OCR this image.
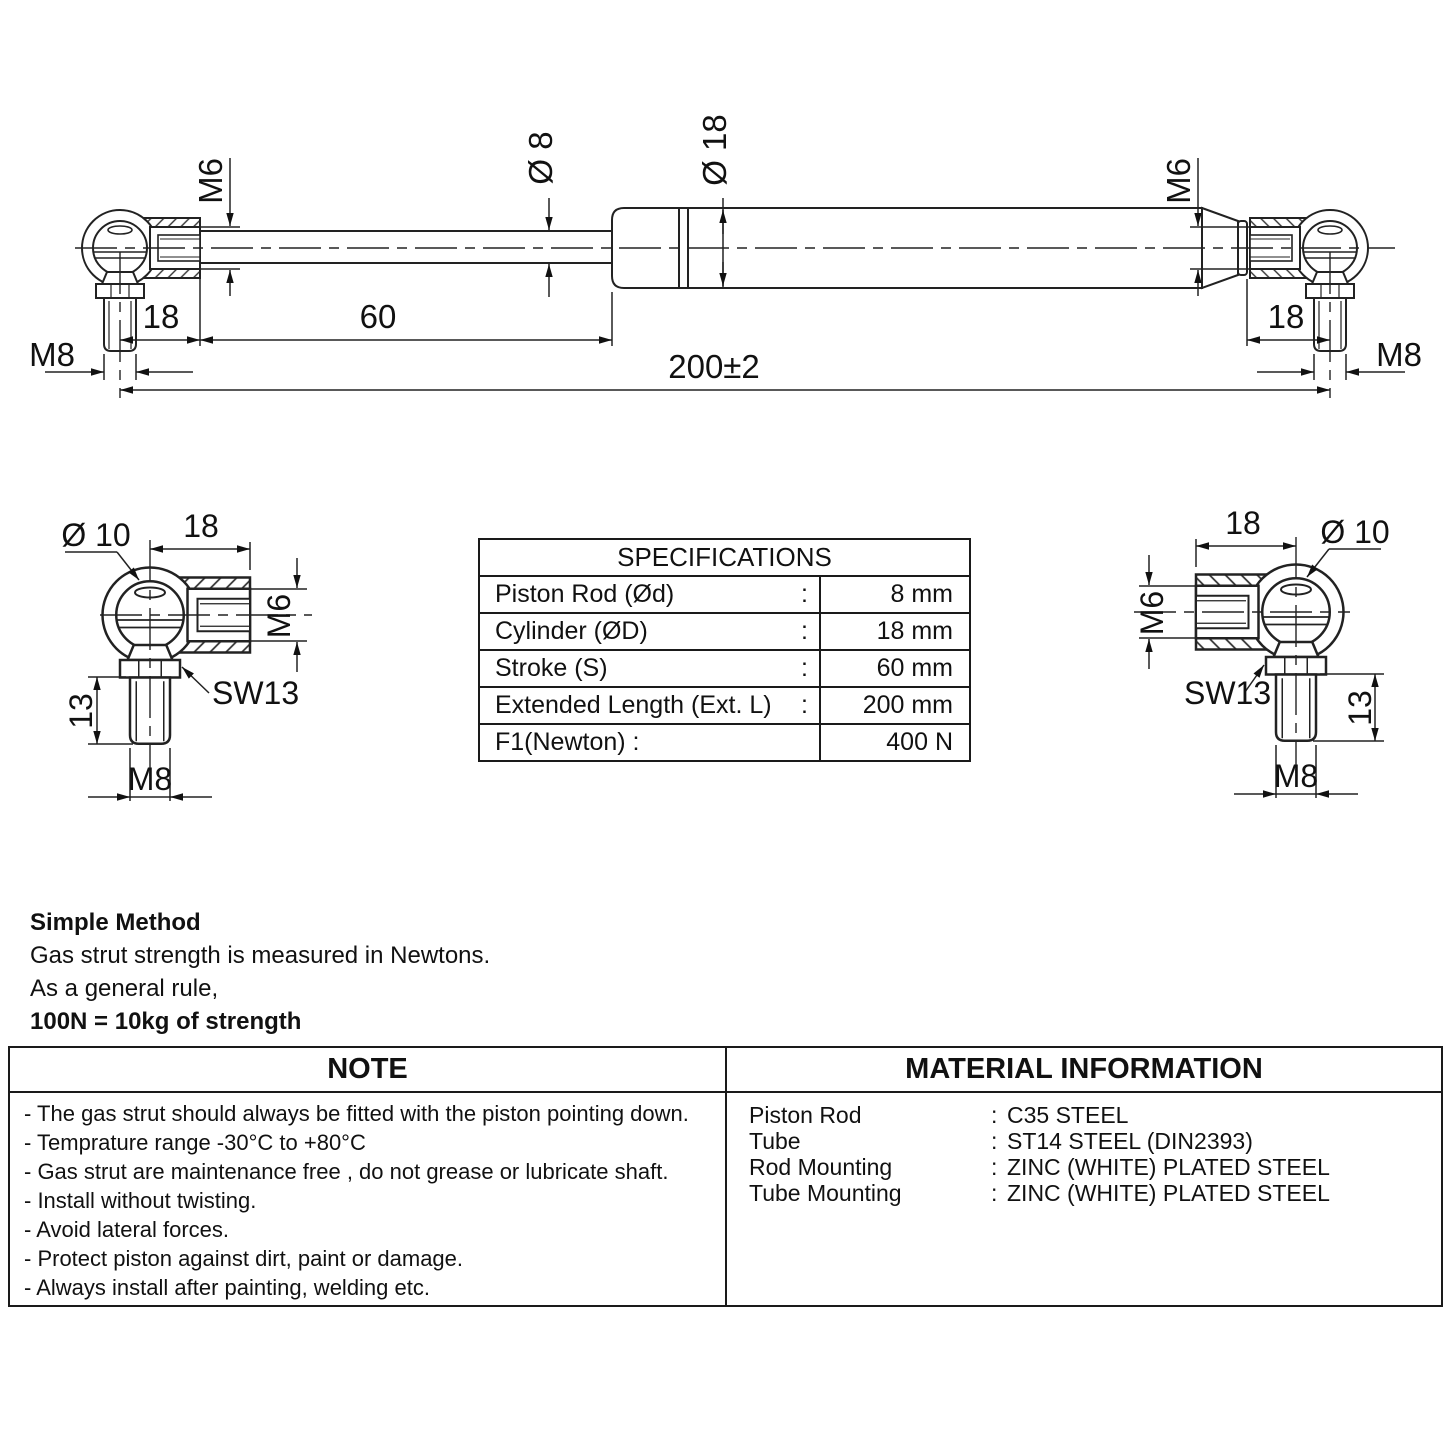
M6	Ø 8	Ø 18	M6
18	60	18
200±2
M8	M8
Ø 10 18
M6
SW13
13
M8
18 Ø 10
M6
SW13 13
M8
SPECIFICATIONS
Piston Rod (Ød)	:	8 mm
Cylinder (ØD)	:	18 mm
Stroke (S)	:	60 mm
Extended Length (Ext. L)	:	200 mm
F1(Newton) :	400 N
Simple Method
Gas strut strength is measured in Newtons.
As a general rule,
100N = 10kg of strength
NOTE	MATERIAL INFORMATION
- The gas strut should always be fitted with the piston pointing down.
- Temprature range -30°C to +80°C
- Gas strut are maintenance free , do not grease or lubricate shaft.
- Install without twisting.
- Avoid lateral forces.
- Protect piston against dirt, paint or damage.
- Always install after painting, welding etc.
Piston Rod	: C35 STEEL
Tube	: ST14 STEEL (DIN2393)
Rod Mounting	: ZINC (WHITE) PLATED STEEL
Tube Mounting	: ZINC (WHITE) PLATED STEEL
